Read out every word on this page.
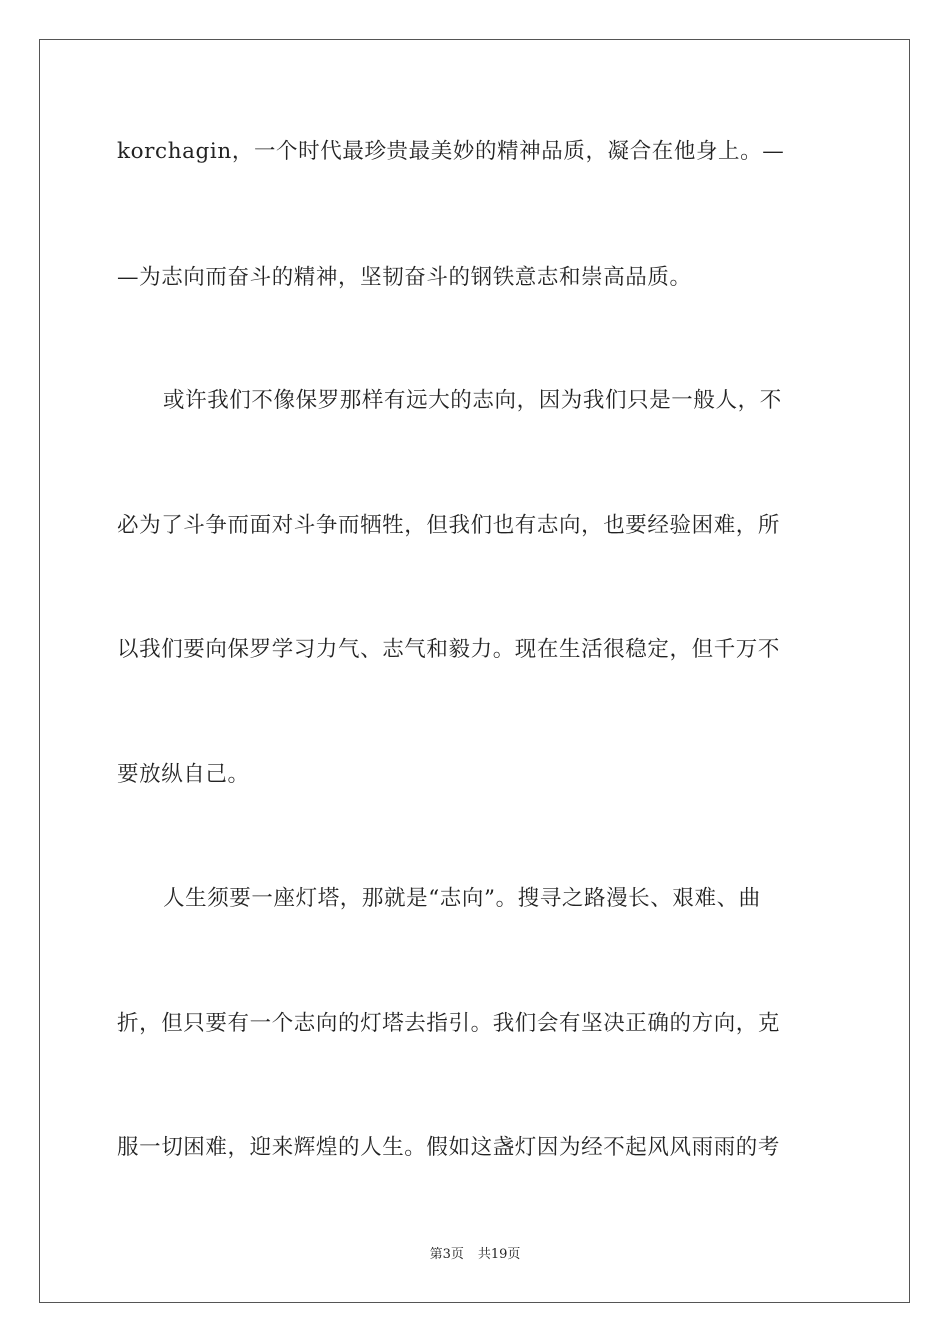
korchagin，一个时代最珍贵最美妙的精神品质，凝合在他身上。—
—为志向而奋斗的精神，坚韧奋斗的钢铁意志和崇高品质。
或许我们不像保罗那样有远大的志向，因为我们只是一般人，不
必为了斗争而面对斗争而牺牲，但我们也有志向，也要经验困难，所
以我们要向保罗学习力气、志气和毅力。现在生活很稳定，但千万不
要放纵自己。
人生须要一座灯塔，那就是“志向”。搜寻之路漫长、艰难、曲
折，但只要有一个志向的灯塔去指引。我们会有坚决正确的方向，克
服一切困难，迎来辉煌的人生。假如这盏灯因为经不起风风雨雨的考
第3页 共19页
